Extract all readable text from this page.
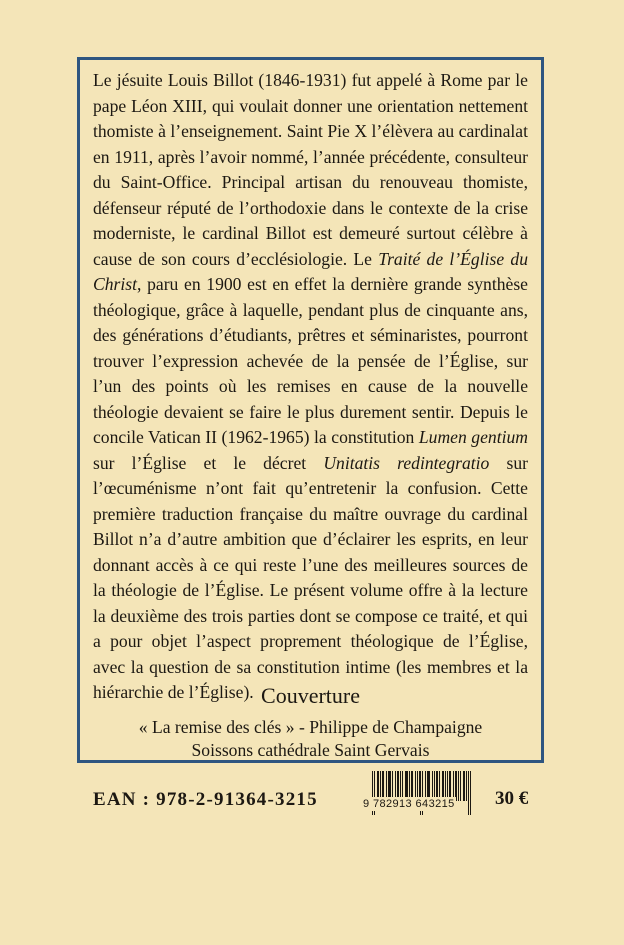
Le jésuite Louis Billot (1846-1931) fut appelé à Rome par le pape Léon XIII, qui voulait donner une orientation nettement thomiste à l’enseignement. Saint Pie X l’élèvera au cardinalat en 1911, après l’avoir nommé, l’année précédente, consulteur du Saint-Office. Principal artisan du renouveau thomiste, défenseur réputé de l’orthodoxie dans le contexte de la crise moderniste, le cardinal Billot est demeuré surtout célèbre à cause de son cours d’ecclésiologie. Le Traité de l’Église du Christ, paru en 1900 est en effet la dernière grande synthèse théologique, grâce à laquelle, pendant plus de cinquante ans, des générations d’étudiants, prêtres et séminaristes, pourront trouver l’expression achevée de la pensée de l’Église, sur l’un des points où les remises en cause de la nouvelle théologie devaient se faire le plus durement sentir. Depuis le concile Vatican II (1962-1965) la constitution Lumen gentium sur l’Église et le décret Unitatis redintegratio sur l’œcuménisme n’ont fait qu’entretenir la confusion. Cette première traduction française du maître ouvrage du cardinal Billot n’a d’autre ambition que d’éclairer les esprits, en leur donnant accès à ce qui reste l’une des meilleures sources de la théologie de l’Église. Le présent volume offre à la lecture la deuxième des trois parties dont se compose ce traité, et qui a pour objet l’aspect proprement théologique de l’Église, avec la question de sa constitution intime (les membres et la hiérarchie de l’Église). Couverture
« La remise des clés » - Philippe de Champaigne
Soissons cathédrale Saint Gervais
EAN : 978-2-91364-3215	9 782913 643215 30 €
